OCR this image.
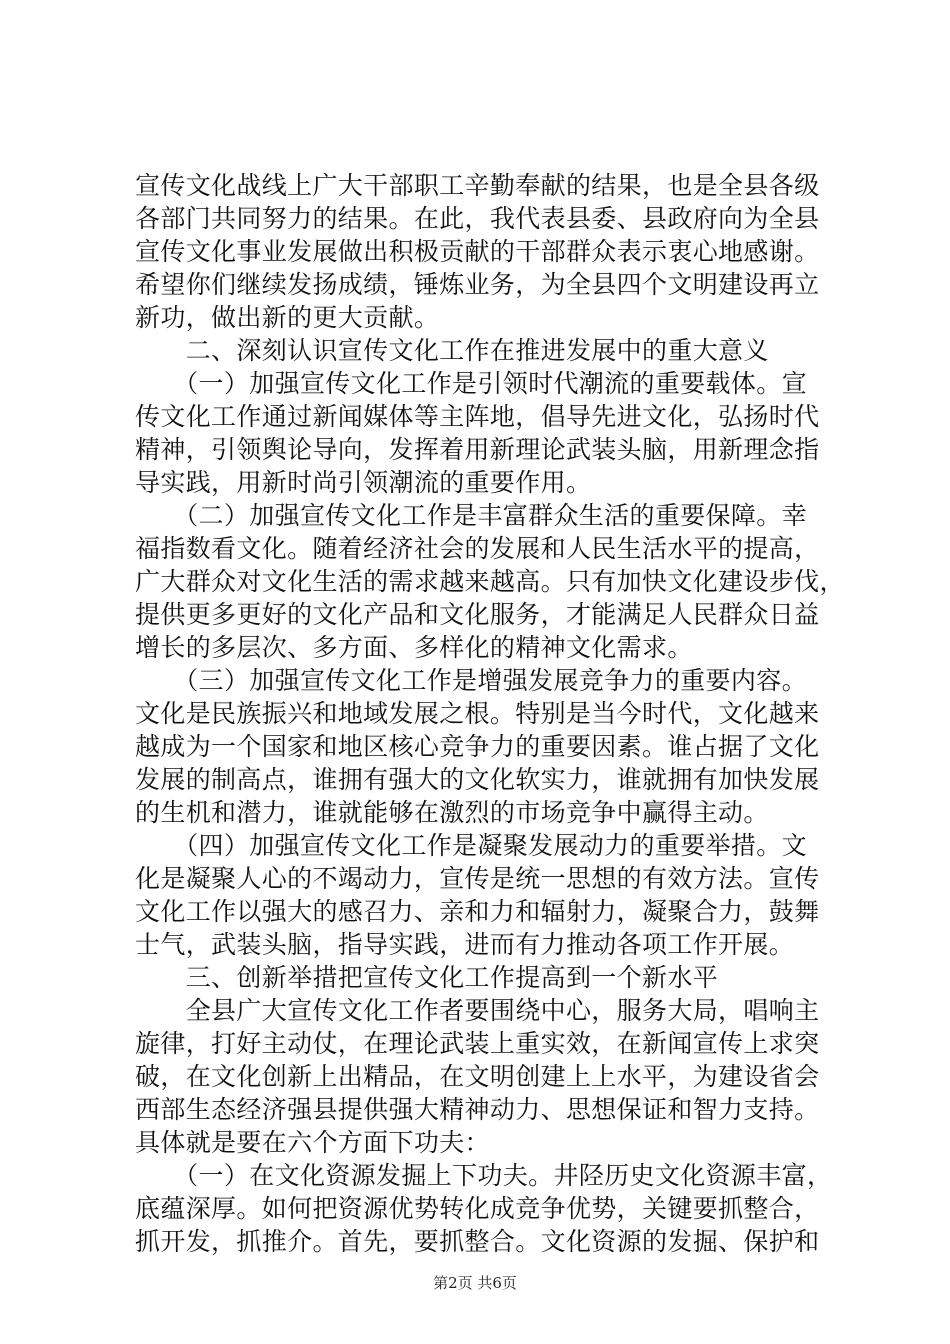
宣传文化战线上广大干部职工辛勤奉献的结果，也是全县各级
各部门共同努力的结果。在此，我代表县委、县政府向为全县
宣传文化事业发展做出积极贡献的干部群众表示衷心地感谢。
希望你们继续发扬成绩，锤炼业务，为全县四个文明建设再立
新功，做出新的更大贡献。
　　二、深刻认识宣传文化工作在推进发展中的重大意义
　　（一）加强宣传文化工作是引领时代潮流的重要载体。宣
传文化工作通过新闻媒体等主阵地，倡导先进文化，弘扬时代
精神，引领舆论导向，发挥着用新理论武装头脑，用新理念指
导实践，用新时尚引领潮流的重要作用。
　　（二）加强宣传文化工作是丰富群众生活的重要保障。幸
福指数看文化。随着经济社会的发展和人民生活水平的提高，
广大群众对文化生活的需求越来越高。只有加快文化建设步伐，
提供更多更好的文化产品和文化服务，才能满足人民群众日益
增长的多层次、多方面、多样化的精神文化需求。
　　（三）加强宣传文化工作是增强发展竞争力的重要内容。
文化是民族振兴和地域发展之根。特别是当今时代，文化越来
越成为一个国家和地区核心竞争力的重要因素。谁占据了文化
发展的制高点，谁拥有强大的文化软实力，谁就拥有加快发展
的生机和潜力，谁就能够在激烈的市场竞争中赢得主动。
　　（四）加强宣传文化工作是凝聚发展动力的重要举措。文
化是凝聚人心的不竭动力，宣传是统一思想的有效方法。宣传
文化工作以强大的感召力、亲和力和辐射力，凝聚合力，鼓舞
士气，武装头脑，指导实践，进而有力推动各项工作开展。
　　三、创新举措把宣传文化工作提高到一个新水平
　　全县广大宣传文化工作者要围绕中心，服务大局，唱响主
旋律，打好主动仗，在理论武装上重实效，在新闻宣传上求突
破，在文化创新上出精品，在文明创建上上水平，为建设省会
西部生态经济强县提供强大精神动力、思想保证和智力支持。
具体就是要在六个方面下功夫：
　　（一）在文化资源发掘上下功夫。井陉历史文化资源丰富，
底蕴深厚。如何把资源优势转化成竞争优势，关键要抓整合，
抓开发，抓推介。首先，要抓整合。文化资源的发掘、保护和
第2页 共6页
